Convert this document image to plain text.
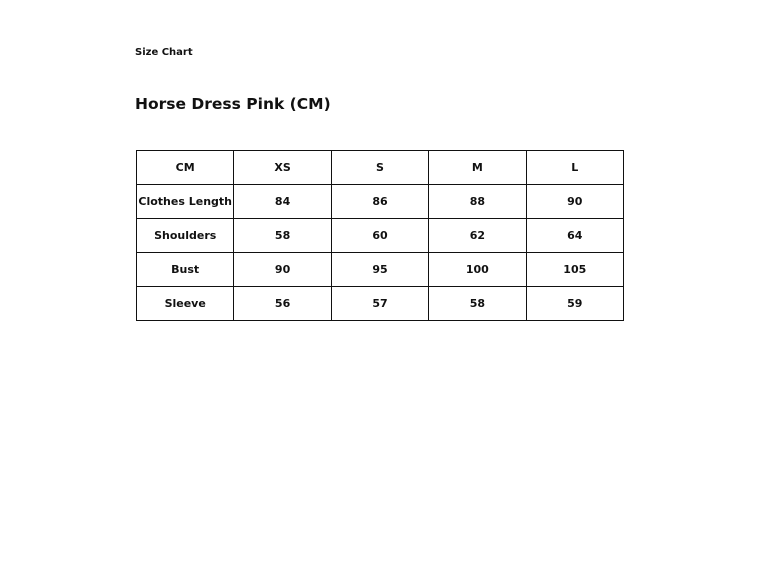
Size Chart
Horse Dress Pink (CM)
CM	XS	S	M	L
Clothes Length	84	86	88	90
Shoulders	58	60	62	64
Bust	90	95	100	105
Sleeve	56	57	58	59
